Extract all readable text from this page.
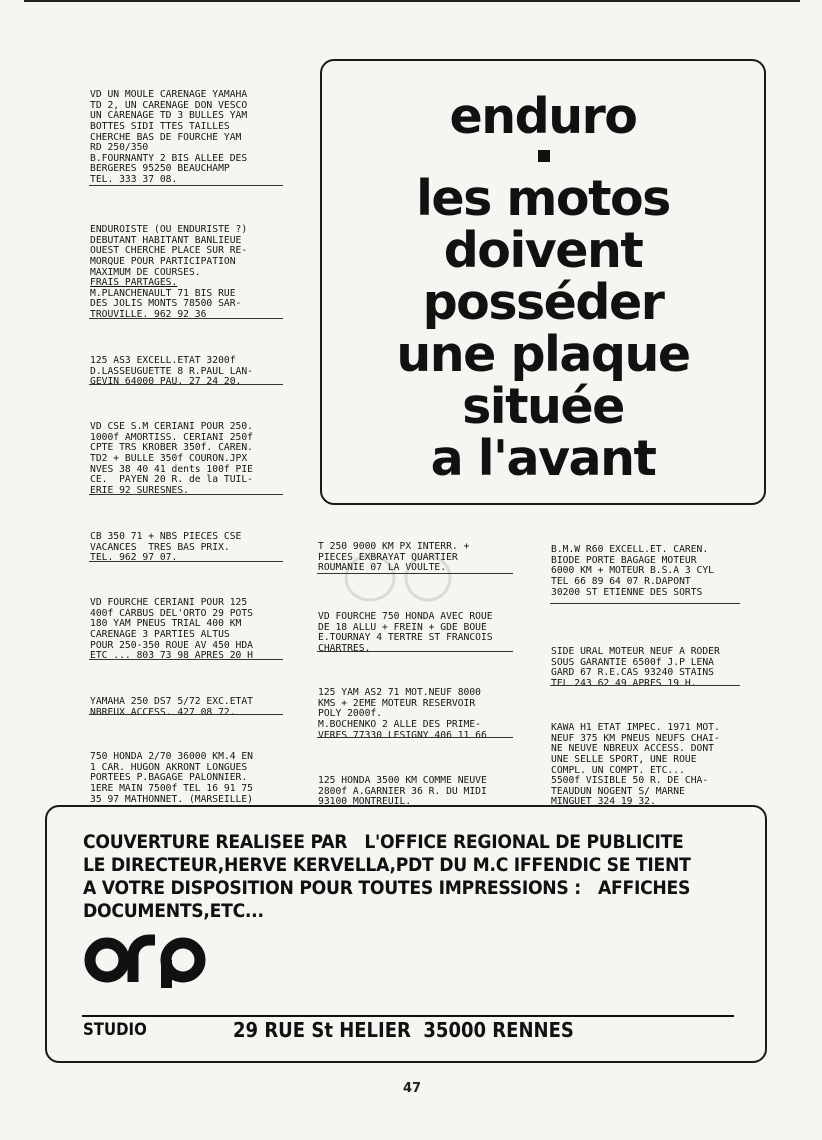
VD UN MOULE CARENAGE YAMAHA
TD 2, UN CARENAGE DON VESCO
UN CARENAGE TD 3 BULLES YAM
BOTTES SIDI TTES TAILLES
CHERCHE BAS DE FOURCHE YAM
RD 250/350
B.FOURNANTY 2 BIS ALLEE DES
BERGERES 95250 BEAUCHAMP
TEL. 333 37 08.

ENDUROISTE (OU ENDURISTE ?)
DEBUTANT HABITANT BANLIEUE
OUEST CHERCHE PLACE SUR RE-
MORQUE POUR PARTICIPATION
MAXIMUM DE COURSES.
FRAIS PARTAGES.
M.PLANCHENAULT 71 BIS RUE
DES JOLIS MONTS 78500 SAR-
TROUVILLE. 962 92 36

125 AS3 EXCELL.ETAT 3200f
D.LASSEUGUETTE 8 R.PAUL LAN-
GEVIN 64000 PAU. 27 24 20.

VD CSE S.M CERIANI POUR 250.
1000f AMORTISS. CERIANI 250f
CPTE TRS KROBER 350f. CAREN.
TD2 + BULLE 350f COURON.JPX
NVES 38 40 41 dents 100f PIE
CE.  PAYEN 20 R. de la TUIL-
ERIE 92 SURESNES.

CB 350 71 + NBS PIECES CSE
VACANCES  TRES BAS PRIX.
TEL. 962 97 07.

VD FOURCHE CERIANI POUR 125
400f CARBUS DEL'ORTO 29 POTS
180 YAM PNEUS TRIAL 400 KM
CARENAGE 3 PARTIES ALTUS
POUR 250-350 ROUE AV 450 HDA
ETC ... 803 73 98 APRES 20 H

YAMAHA 250 DS7 5/72 EXC.ETAT
NBREUX ACCESS. 427 08 72.

750 HONDA 2/70 36000 KM.4 EN
1 CAR. HUGON AKRONT LONGUES
PORTEES P.BAGAGE PALONNIER.
1ERE MAIN 7500f TEL 16 91 75
35 97 MATHONNET. (MARSEILLE)

enduro
les motos
doivent
posséder
une plaque
située
a l'avant

T 250 9000 KM PX INTERR. +
PIECES EXBRAYAT QUARTIER
ROUMANIE 07 LA VOULTE.

VD FOURCHE 750 HONDA AVEC ROUE
DE 18 ALLU + FREIN + GDE BOUE
E.TOURNAY 4 TERTRE ST FRANCOIS
CHARTRES.

125 YAM AS2 71 MOT.NEUF 8000
KMS + 2EME MOTEUR RESERVOIR
POLY 2000f.
M.BOCHENKO 2 ALLE DES PRIME-
VERES 77330 LESIGNY 406 11 66

125 HONDA 3500 KM COMME NEUVE
2800f A.GARNIER 36 R. DU MIDI
93100 MONTREUIL.

B.M.W R60 EXCELL.ET. CAREN.
BIODE PORTE BAGAGE MOTEUR
6000 KM + MOTEUR B.S.A 3 CYL
TEL 66 89 64 07 R.DAPONT
30200 ST ETIENNE DES SORTS

SIDE URAL MOTEUR NEUF A RODER
SOUS GARANTIE 6500f J.P LENA
GARD 67 R.E.CAS 93240 STAINS
TEL 243 62 49 APRES 19 H.

KAWA H1 ETAT IMPEC. 1971 MOT.
NEUF 375 KM PNEUS NEUFS CHAI-
NE NEUVE NBREUX ACCESS. DONT
UNE SELLE SPORT, UNE ROUE
COMPL. UN COMPT. ETC...
5500f VISIBLE 50 R. DE CHA-
TEAUDUN NOGENT S/ MARNE
MINGUET 324 19 32.

COUVERTURE REALISEE PAR   L'OFFICE REGIONAL DE PUBLICITE
LE DIRECTEUR,HERVE KERVELLA,PDT DU M.C IFFENDIC SE TIENT
A VOTRE DISPOSITION POUR TOUTES IMPRESSIONS :   AFFICHES
DOCUMENTS,ETC...
STUDIO	29 RUE St HELIER  35000 RENNES
47
